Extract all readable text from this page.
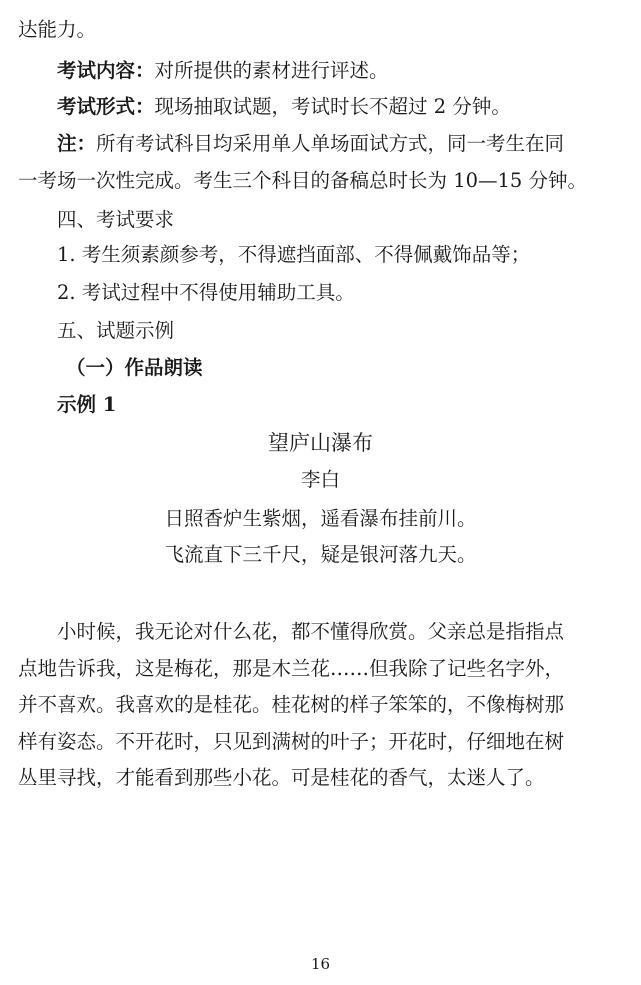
达能力。
考试内容：对所提供的素材进行评述。
考试形式：现场抽取试题，考试时长不超过 2 分钟。
注：所有考试科目均采用单人单场面试方式，同一考生在同
一考场一次性完成。考生三个科目的备稿总时长为 10—15 分钟。
四、考试要求
1. 考生须素颜参考，不得遮挡面部、不得佩戴饰品等；
2. 考试过程中不得使用辅助工具。
五、试题示例
（一）作品朗读
示例 1
望庐山瀑布
李白
日照香炉生紫烟，遥看瀑布挂前川。
飞流直下三千尺，疑是银河落九天。
小时候，我无论对什么花，都不懂得欣赏。父亲总是指指点
点地告诉我，这是梅花，那是木兰花……但我除了记些名字外，
并不喜欢。我喜欢的是桂花。桂花树的样子笨笨的，不像梅树那
样有姿态。不开花时，只见到满树的叶子；开花时，仔细地在树
丛里寻找，才能看到那些小花。可是桂花的香气，太迷人了。
16
